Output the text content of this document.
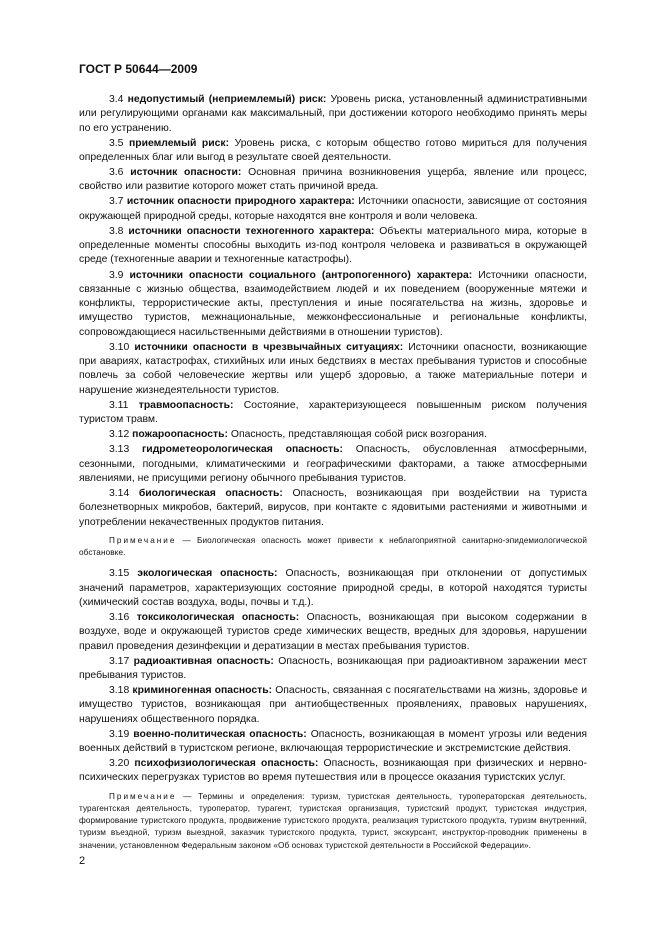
ГОСТ Р 50644—2009
3.4 недопустимый (неприемлемый) риск: Уровень риска, установленный административными или регулирующими органами как максимальный, при достижении которого необходимо принять меры по его устранению.
3.5 приемлемый риск: Уровень риска, с которым общество готово мириться для получения определенных благ или выгод в результате своей деятельности.
3.6 источник опасности: Основная причина возникновения ущерба, явление или процесс, свойство или развитие которого может стать причиной вреда.
3.7 источник опасности природного характера: Источники опасности, зависящие от состояния окружающей природной среды, которые находятся вне контроля и воли человека.
3.8 источники опасности техногенного характера: Объекты материального мира, которые в определенные моменты способны выходить из-под контроля человека и развиваться в окружающей среде (техногенные аварии и техногенные катастрофы).
3.9 источники опасности социального (антропогенного) характера: Источники опасности, связанные с жизнью общества, взаимодействием людей и их поведением (вооруженные мятежи и конфликты, террористические акты, преступления и иные посягательства на жизнь, здоровье и имущество туристов, межнациональные, межконфессиональные и региональные конфликты, сопровождающиеся насильственными действиями в отношении туристов).
3.10 источники опасности в чрезвычайных ситуациях: Источники опасности, возникающие при авариях, катастрофах, стихийных или иных бедствиях в местах пребывания туристов и способные повлечь за собой человеческие жертвы или ущерб здоровью, а также материальные потери и нарушение жизнедеятельности туристов.
3.11 травмоопасность: Состояние, характеризующееся повышенным риском получения туристом травм.
3.12 пожароопасность: Опасность, представляющая собой риск возгорания.
3.13 гидрометеорологическая опасность: Опасность, обусловленная атмосферными, сезонными, погодными, климатическими и географическими факторами, а также атмосферными явлениями, не присущими региону обычного пребывания туристов.
3.14 биологическая опасность: Опасность, возникающая при воздействии на туриста болезнетворных микробов, бактерий, вирусов, при контакте с ядовитыми растениями и животными и употреблении некачественных продуктов питания.
Примечание — Биологическая опасность может привести к неблагоприятной санитарно-эпидемиологической обстановке.
3.15 экологическая опасность: Опасность, возникающая при отклонении от допустимых значений параметров, характеризующих состояние природной среды, в которой находятся туристы (химический состав воздуха, воды, почвы и т.д.).
3.16 токсикологическая опасность: Опасность, возникающая при высоком содержании в воздухе, воде и окружающей туристов среде химических веществ, вредных для здоровья, нарушении правил проведения дезинфекции и дератизации в местах пребывания туристов.
3.17 радиоактивная опасность: Опасность, возникающая при радиоактивном заражении мест пребывания туристов.
3.18 криминогенная опасность: Опасность, связанная с посягательствами на жизнь, здоровье и имущество туристов, возникающая при антиобщественных проявлениях, правовых нарушениях, нарушениях общественного порядка.
3.19 военно-политическая опасность: Опасность, возникающая в момент угрозы или ведения военных действий в туристском регионе, включающая террористические и экстремистские действия.
3.20 психофизиологическая опасность: Опасность, возникающая при физических и нервно-психических перегрузках туристов во время путешествия или в процессе оказания туристских услуг.
Примечание — Термины и определения: туризм, туристская деятельность, туроператорская деятельность, турагентская деятельность, туроператор, турагент, туристская организация, туристский продукт, туристская индустрия, формирование туристского продукта, продвижение туристского продукта, реализация туристского продукта, туризм внутренний, туризм въездной, туризм выездной, заказчик туристского продукта, турист, экскурсант, инструктор-проводник применены в значении, установленном Федеральным законом «Об основах туристской деятельности в Российской Федерации».
2
